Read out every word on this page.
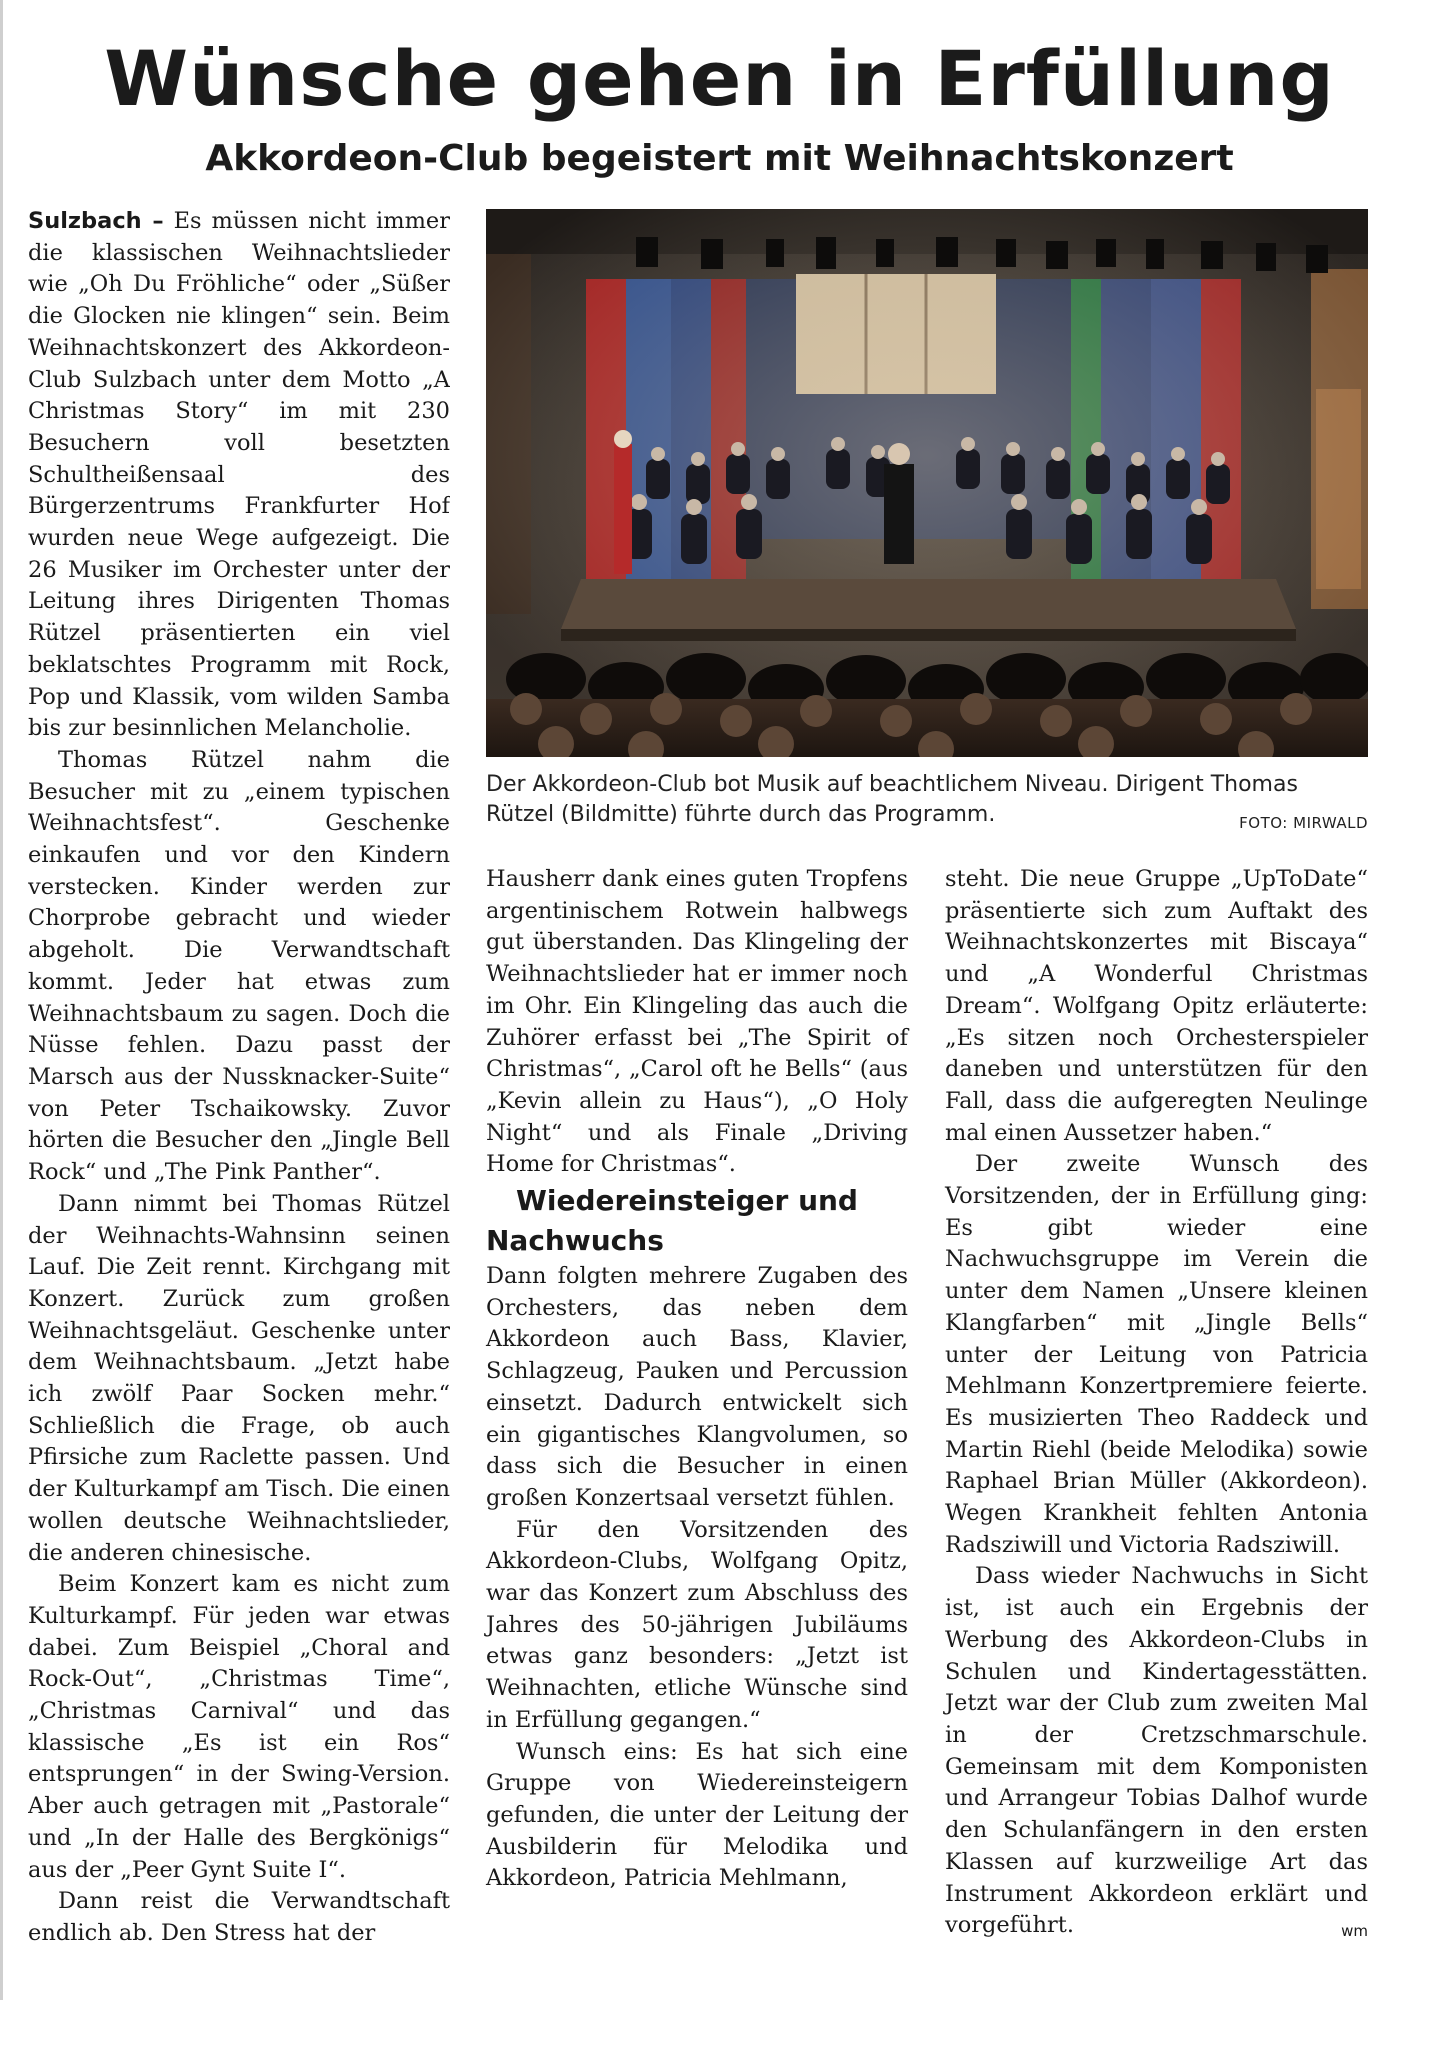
Wünsche gehen in Erfüllung
Akkordeon-Club begeistert mit Weihnachtskonzert

Sulzbach – Es müssen nicht immer die klassischen Weihnachtslieder wie „Oh Du Fröhliche“ oder „Süßer die Glocken nie klingen“ sein. Beim Weihnachtskonzert des Akkordeon-Club Sulzbach unter dem Motto „A Christmas Story“ im mit 230 Besuchern voll besetzten Schultheißensaal des Bürgerzentrums Frankfurter Hof wurden neue Wege aufgezeigt. Die 26 Musiker im Orchester unter der Leitung ihres Dirigenten Thomas Rützel präsentierten ein viel beklatschtes Programm mit Rock, Pop und Klassik, vom wilden Samba bis zur besinnlichen Melancholie.

Thomas Rützel nahm die Besucher mit zu „einem typischen Weihnachtsfest“. Geschenke einkaufen und vor den Kindern verstecken. Kinder werden zur Chorprobe gebracht und wieder abgeholt. Die Verwandtschaft kommt. Jeder hat etwas zum Weihnachtsbaum zu sagen. Doch die Nüsse fehlen. Dazu passt der Marsch aus der Nussknacker-Suite“ von Peter Tschaikowsky. Zuvor hörten die Besucher den „Jingle Bell Rock“ und „The Pink Panther“.

Dann nimmt bei Thomas Rützel der Weihnachts-Wahnsinn seinen Lauf. Die Zeit rennt. Kirchgang mit Konzert. Zurück zum großen Weihnachtsgeläut. Geschenke unter dem Weihnachtsbaum. „Jetzt habe ich zwölf Paar Socken mehr.“ Schließlich die Frage, ob auch Pfirsiche zum Raclette passen. Und der Kulturkampf am Tisch. Die einen wollen deutsche Weihnachtslieder, die anderen chinesische.

Beim Konzert kam es nicht zum Kulturkampf. Für jeden war etwas dabei. Zum Beispiel „Choral and Rock-Out“, „Christmas Time“, „Christmas Carnival“ und das klassische „Es ist ein Ros“ entsprungen“ in der Swing-Version. Aber auch getragen mit „Pastorale“ und „In der Halle des Bergkönigs“ aus der „Peer Gynt Suite I“.

Dann reist die Verwandtschaft endlich ab. Den Stress hat der

Der Akkordeon-Club bot Musik auf beachtlichem Niveau. Dirigent Thomas Rützel (Bildmitte) führte durch das Programm.	FOTO: MIRWALD

Hausherr dank eines guten Tropfens argentinischem Rotwein halbwegs gut überstanden. Das Klingeling der Weihnachtslieder hat er immer noch im Ohr. Ein Klingeling das auch die Zuhörer erfasst bei „The Spirit of Christmas“, „Carol oft he Bells“ (aus „Kevin allein zu Haus“), „O Holy Night“ und als Finale „Driving Home for Christmas“.

Wiedereinsteiger und Nachwuchs

Dann folgten mehrere Zugaben des Orchesters, das neben dem Akkordeon auch Bass, Klavier, Schlagzeug, Pauken und Percussion einsetzt. Dadurch entwickelt sich ein gigantisches Klangvolumen, so dass sich die Besucher in einen großen Konzertsaal versetzt fühlen.

Für den Vorsitzenden des Akkordeon-Clubs, Wolfgang Opitz, war das Konzert zum Abschluss des Jahres des 50-jährigen Jubiläums etwas ganz besonders: „Jetzt ist Weihnachten, etliche Wünsche sind in Erfüllung gegangen.“

Wunsch eins: Es hat sich eine Gruppe von Wiedereinsteigern gefunden, die unter der Leitung der Ausbilderin für Melodika und Akkordeon, Patricia Mehlmann,

steht. Die neue Gruppe „UpToDate“ präsentierte sich zum Auftakt des Weihnachtskonzertes mit Biscaya“ und „A Wonderful Christmas Dream“. Wolfgang Opitz erläuterte: „Es sitzen noch Orchesterspieler daneben und unterstützen für den Fall, dass die aufgeregten Neulinge mal einen Aussetzer haben.“

Der zweite Wunsch des Vorsitzenden, der in Erfüllung ging: Es gibt wieder eine Nachwuchsgruppe im Verein die unter dem Namen „Unsere kleinen Klangfarben“ mit „Jingle Bells“ unter der Leitung von Patricia Mehlmann Konzertpremiere feierte. Es musizierten Theo Raddeck und Martin Riehl (beide Melodika) sowie Raphael Brian Müller (Akkordeon). Wegen Krankheit fehlten Antonia Radsziwill und Victoria Radsziwill.

Dass wieder Nachwuchs in Sicht ist, ist auch ein Ergebnis der Werbung des Akkordeon-Clubs in Schulen und Kindertagesstätten. Jetzt war der Club zum zweiten Mal in der Cretzschmarschule. Gemeinsam mit dem Komponisten und Arrangeur Tobias Dalhof wurde den Schulanfängern in den ersten Klassen auf kurzweilige Art das Instrument Akkordeon erklärt und vorgeführt.	wm
